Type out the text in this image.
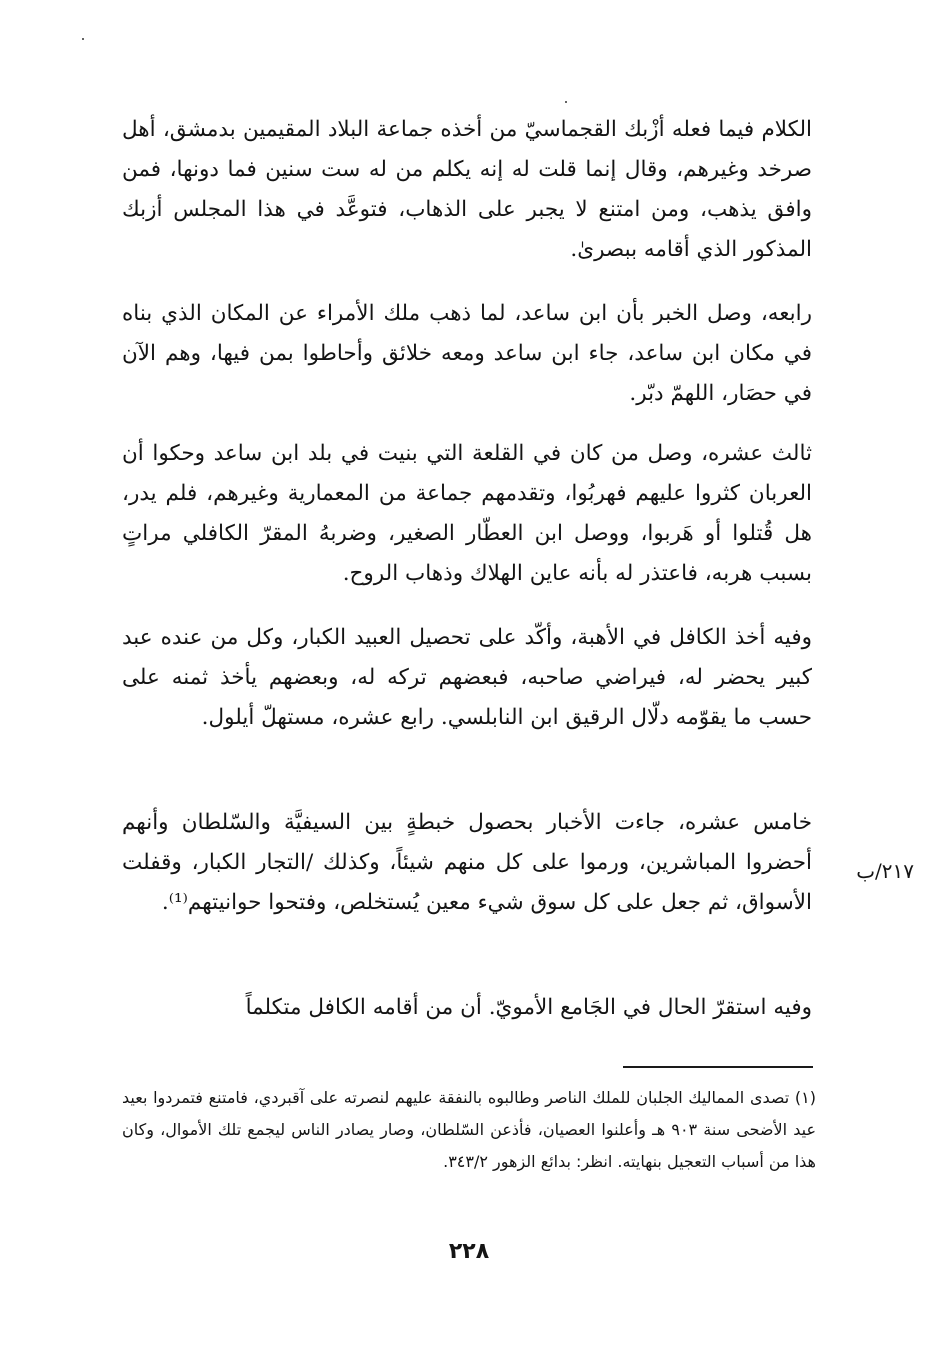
الكلام فيما فعله أزْبك القجماسيّ من أخذه جماعة البلاد المقيمين بدمشق، أهل صرخد وغيرهم، وقال إنما قلت له إنه يكلم من له ست سنين فما دونها، فمن وافق يذهب، ومن امتنع لا يجبر على الذهاب، فتوعَّد في هذا المجلس أزبك المذكور الذي أقامه ببصرىٰ.

رابعه، وصل الخبر بأن ابن ساعد، لما ذهب ملك الأمراء عن المكان الذي بناه في مكان ابن ساعد، جاء ابن ساعد ومعه خلائق وأحاطوا بمن فيها، وهم الآن في حصَار، اللهمّ دبّر.

ثالث عشره، وصل من كان في القلعة التي بنيت في بلد ابن ساعد وحكوا أن العربان كثروا عليهم فهربُوا، وتقدمهم جماعة من المعمارية وغيرهم، فلم يدر، هل قُتلوا أو هَربوا، ووصل ابن العطّار الصغير، وضربهُ المقرّ الكافلي مراتٍ بسبب هربه، فاعتذر له بأنه عاين الهلاك وذهاب الروح.

وفيه أخذ الكافل في الأهبة، وأكّد على تحصيل العبيد الكبار، وكل من عنده عبد كبير يحضر له، فيراضي صاحبه، فبعضهم تركه له، وبعضهم يأخذ ثمنه على حسب ما يقوّمه دلّال الرقيق ابن النابلسي. رابع عشره، مستهلّ أيلول.

خامس عشره، جاءت الأخبار بحصول خبطةٍ بين السيفيَّة والسّلطان وأنهم أحضروا المباشرين، ورموا على كل منهم شيئاً، وكذلك /التجار الكبار، وقفلت الأسواق، ثم جعل على كل سوق شيء معين يُستخلص، وفتحوا حوانيتهم⁽¹⁾.

وفيه استقرّ الحال في الجَامع الأمويّ. أن من أقامه الكافل متكلماً

٢١٧/ب

(١) تصدى المماليك الجلبان للملك الناصر وطالبوه بالنفقة عليهم لنصرته على آقبردي، فامتنع فتمردوا بعيد عيد الأضحى سنة ٩٠٣ هـ وأعلنوا العصيان، فأذعن السّلطان، وصار يصادر الناس ليجمع تلك الأموال، وكان هذا من أسباب التعجيل بنهايته. انظر: بدائع الزهور ٣٤٣/٢.

٢٢٨
